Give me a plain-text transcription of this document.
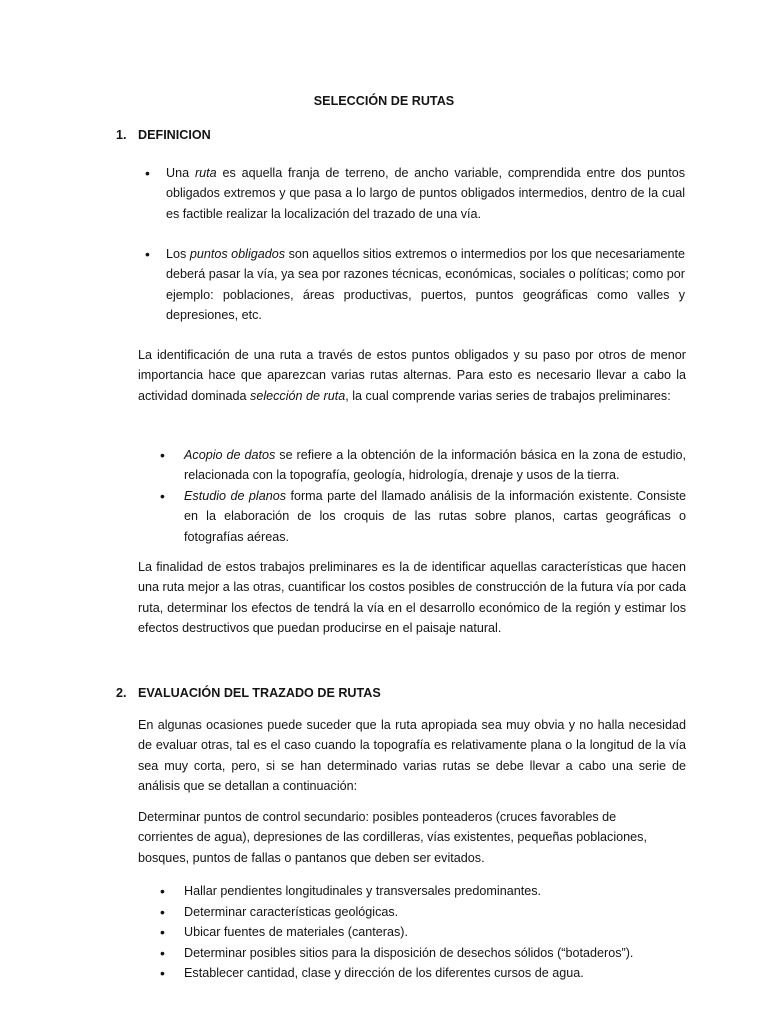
SELECCIÓN DE RUTAS
1. DEFINICION
• Una ruta es aquella franja de terreno, de ancho variable, comprendida entre dos puntos obligados extremos y que pasa a lo largo de puntos obligados intermedios, dentro de la cual es factible realizar la localización del trazado de una vía.
• Los puntos obligados son aquellos sitios extremos o intermedios por los que necesariamente deberá pasar la vía, ya sea por razones técnicas, económicas, sociales o políticas; como por ejemplo: poblaciones, áreas productivas, puertos, puntos geográficas como valles y depresiones, etc.
La identificación de una ruta a través de estos puntos obligados y su paso por otros de menor importancia hace que aparezcan varias rutas alternas. Para esto es necesario llevar a cabo la actividad dominada selección de ruta, la cual comprende varias series de trabajos preliminares:
• Acopio de datos se refiere a la obtención de la información básica en la zona de estudio, relacionada con la topografía, geología, hidrología, drenaje y usos de la tierra.
• Estudio de planos forma parte del llamado análisis de la información existente. Consiste en la elaboración de los croquis de las rutas sobre planos, cartas geográficas o fotografías aéreas.
La finalidad de estos trabajos preliminares es la de identificar aquellas características que hacen una ruta mejor a las otras, cuantificar los costos posibles de construcción de la futura vía por cada ruta, determinar los efectos de tendrá la vía en el desarrollo económico de la región y estimar los efectos destructivos que puedan producirse en el paisaje natural.
2. EVALUACIÓN DEL TRAZADO DE RUTAS
En algunas ocasiones puede suceder que la ruta apropiada sea muy obvia y no halla necesidad de evaluar otras, tal es el caso cuando la topografía es relativamente plana o la longitud de la vía sea muy corta, pero, si se han determinado varias rutas se debe llevar a cabo una serie de análisis que se detallan a continuación:
Determinar puntos de control secundario: posibles ponteaderos (cruces favorables de corrientes de agua), depresiones de las cordilleras, vías existentes, pequeñas poblaciones, bosques, puntos de fallas o pantanos que deben ser evitados.
• Hallar pendientes longitudinales y transversales predominantes.
• Determinar características geológicas.
• Ubicar fuentes de materiales (canteras).
• Determinar posibles sitios para la disposición de desechos sólidos (“botaderos”).
• Establecer cantidad, clase y dirección de los diferentes cursos de agua.
